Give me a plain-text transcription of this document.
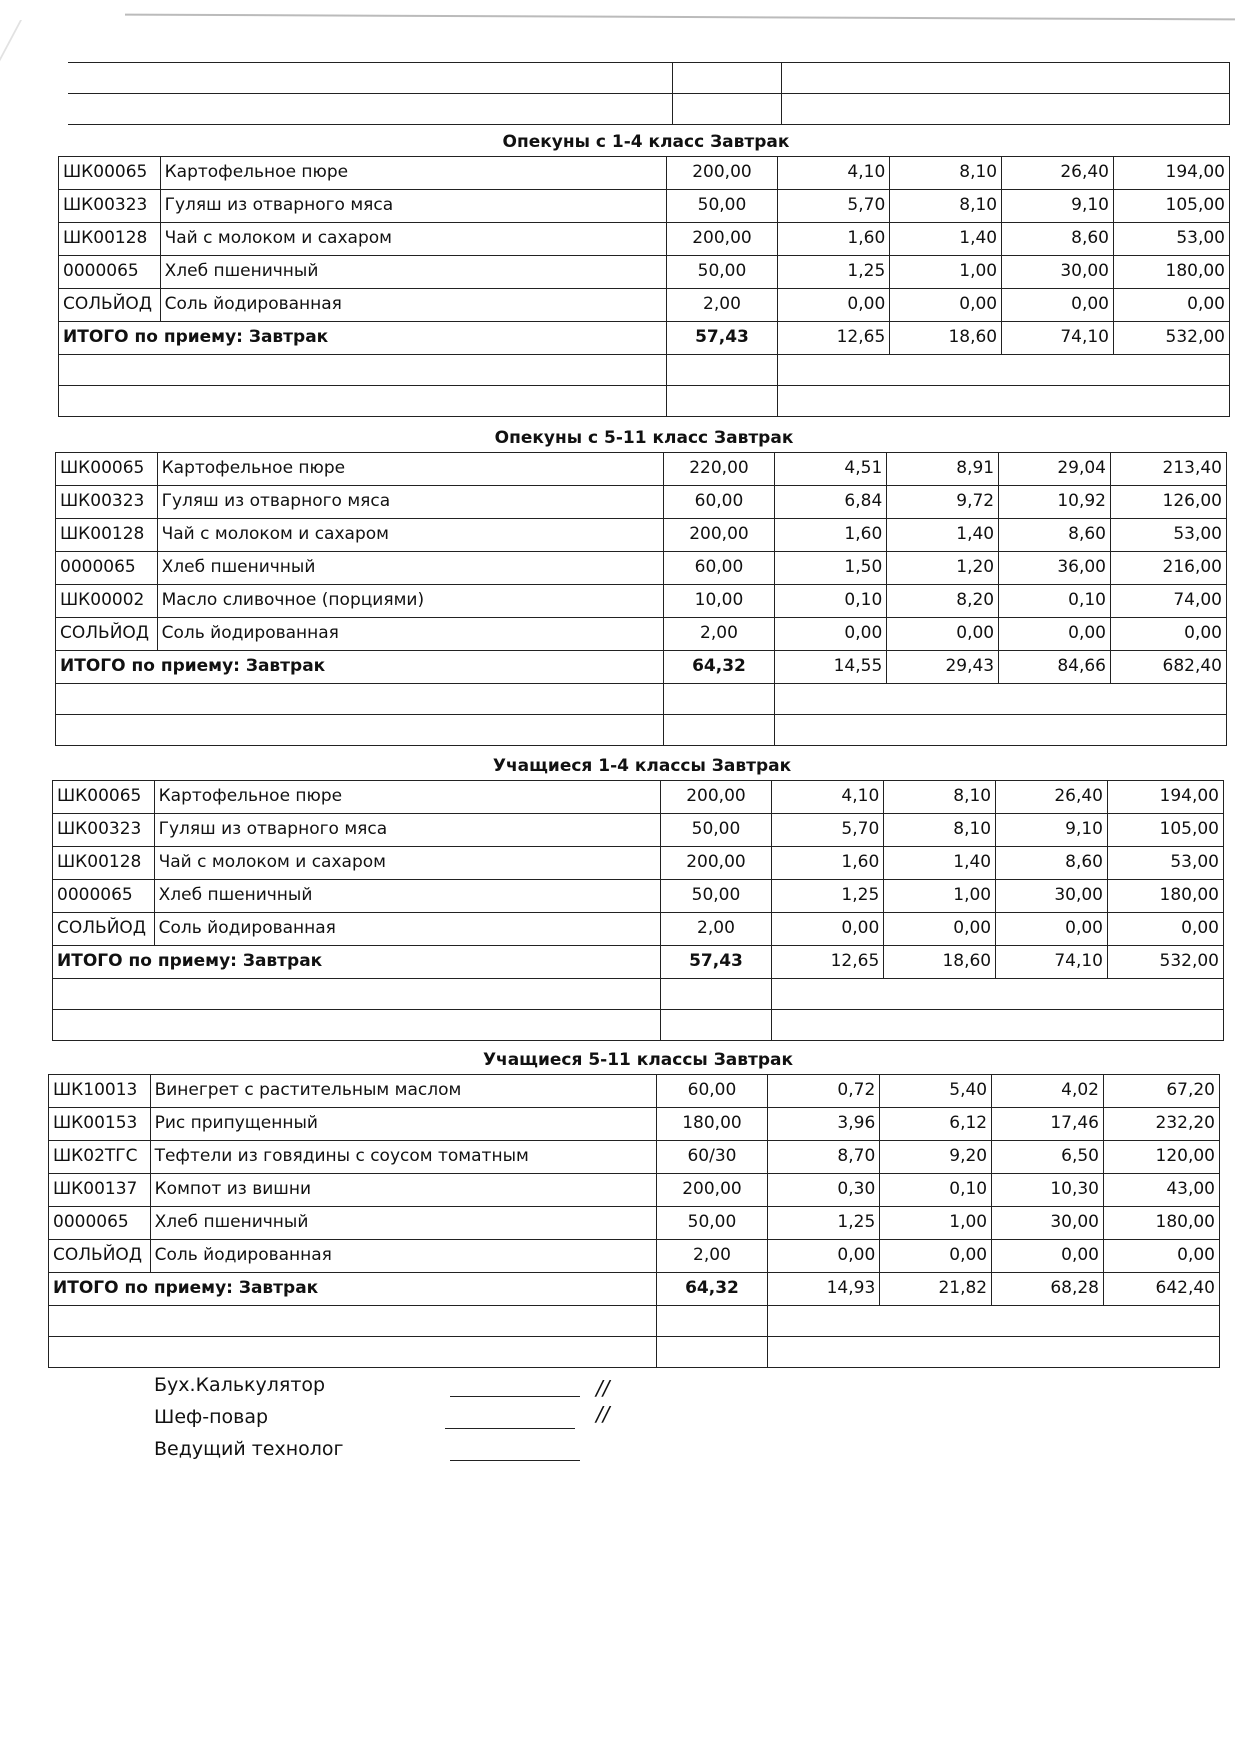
Опекуны с 1-4 класс Завтрак
ШК00065	Картофельное пюре	200,00	4,10	8,10	26,40	194,00
ШК00323	Гуляш из отварного мяса	50,00	5,70	8,10	9,10	105,00
ШК00128	Чай с молоком и сахаром	200,00	1,60	1,40	8,60	53,00
0000065	Хлеб пшеничный	50,00	1,25	1,00	30,00	180,00
СОЛЬЙОД	Соль йодированная	2,00	0,00	0,00	0,00	0,00
ИТОГО по приему: Завтрак		57,43	12,65	18,60	74,10	532,00

Опекуны с 5-11 класс Завтрак
ШК00065	Картофельное пюре	220,00	4,51	8,91	29,04	213,40
ШК00323	Гуляш из отварного мяса	60,00	6,84	9,72	10,92	126,00
ШК00128	Чай с молоком и сахаром	200,00	1,60	1,40	8,60	53,00
0000065	Хлеб пшеничный	60,00	1,50	1,20	36,00	216,00
ШК00002	Масло сливочное (порциями)	10,00	0,10	8,20	0,10	74,00
СОЛЬЙОД	Соль йодированная	2,00	0,00	0,00	0,00	0,00
ИТОГО по приему: Завтрак		64,32	14,55	29,43	84,66	682,40

Учащиеся 1-4 классы Завтрак
ШК00065	Картофельное пюре	200,00	4,10	8,10	26,40	194,00
ШК00323	Гуляш из отварного мяса	50,00	5,70	8,10	9,10	105,00
ШК00128	Чай с молоком и сахаром	200,00	1,60	1,40	8,60	53,00
0000065	Хлеб пшеничный	50,00	1,25	1,00	30,00	180,00
СОЛЬЙОД	Соль йодированная	2,00	0,00	0,00	0,00	0,00
ИТОГО по приему: Завтрак		57,43	12,65	18,60	74,10	532,00

Учащиеся 5-11 классы Завтрак
ШК10013	Винегрет с растительным маслом	60,00	0,72	5,40	4,02	67,20
ШК00153	Рис припущенный	180,00	3,96	6,12	17,46	232,20
ШК02ТГС	Тефтели из говядины с соусом томатным	60/30	8,70	9,20	6,50	120,00
ШК00137	Компот из вишни	200,00	0,30	0,10	10,30	43,00
0000065	Хлеб пшеничный	50,00	1,25	1,00	30,00	180,00
СОЛЬЙОД	Соль йодированная	2,00	0,00	0,00	0,00	0,00
ИТОГО по приему: Завтрак		64,32	14,93	21,82	68,28	642,40

Бух.Калькулятор	//
Шеф-повар	//
Ведущий технолог
